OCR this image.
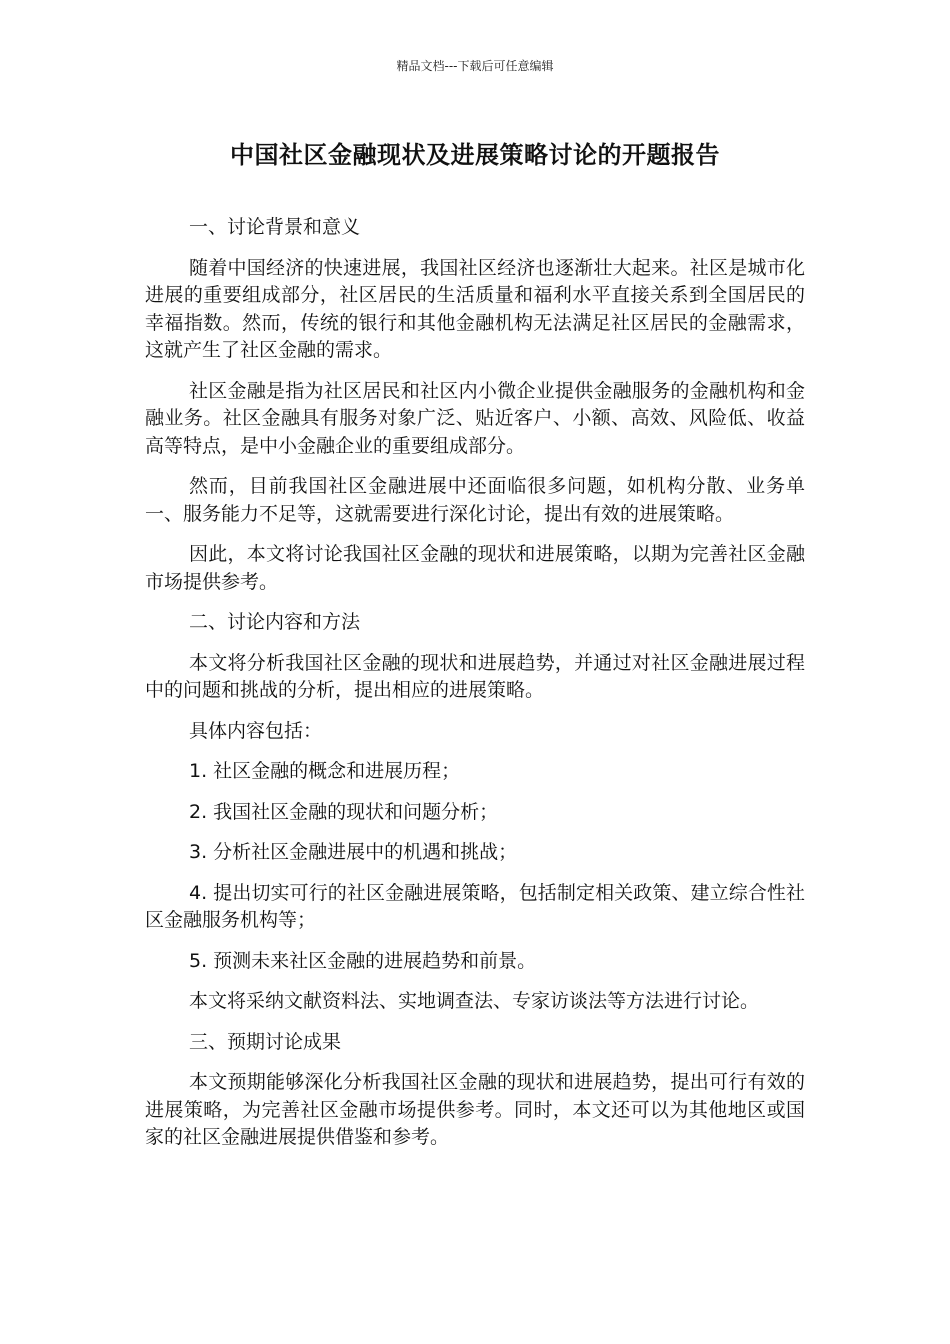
精品文档---下载后可任意编辑
中国社区金融现状及进展策略讨论的开题报告

一、讨论背景和意义

随着中国经济的快速进展，我国社区经济也逐渐壮大起来。社区是城市化进展的重要组成部分，社区居民的生活质量和福利水平直接关系到全国居民的幸福指数。然而，传统的银行和其他金融机构无法满足社区居民的金融需求，这就产生了社区金融的需求。

社区金融是指为社区居民和社区内小微企业提供金融服务的金融机构和金融业务。社区金融具有服务对象广泛、贴近客户、小额、高效、风险低、收益高等特点，是中小金融企业的重要组成部分。

然而，目前我国社区金融进展中还面临很多问题，如机构分散、业务单一、服务能力不足等，这就需要进行深化讨论，提出有效的进展策略。

因此，本文将讨论我国社区金融的现状和进展策略，以期为完善社区金融市场提供参考。

二、讨论内容和方法

本文将分析我国社区金融的现状和进展趋势，并通过对社区金融进展过程中的问题和挑战的分析，提出相应的进展策略。

具体内容包括：

1. 社区金融的概念和进展历程；

2. 我国社区金融的现状和问题分析；

3. 分析社区金融进展中的机遇和挑战；

4. 提出切实可行的社区金融进展策略，包括制定相关政策、建立综合性社区金融服务机构等；

5. 预测未来社区金融的进展趋势和前景。

本文将采纳文献资料法、实地调查法、专家访谈法等方法进行讨论。

三、预期讨论成果

本文预期能够深化分析我国社区金融的现状和进展趋势，提出可行有效的进展策略，为完善社区金融市场提供参考。同时，本文还可以为其他地区或国家的社区金融进展提供借鉴和参考。
